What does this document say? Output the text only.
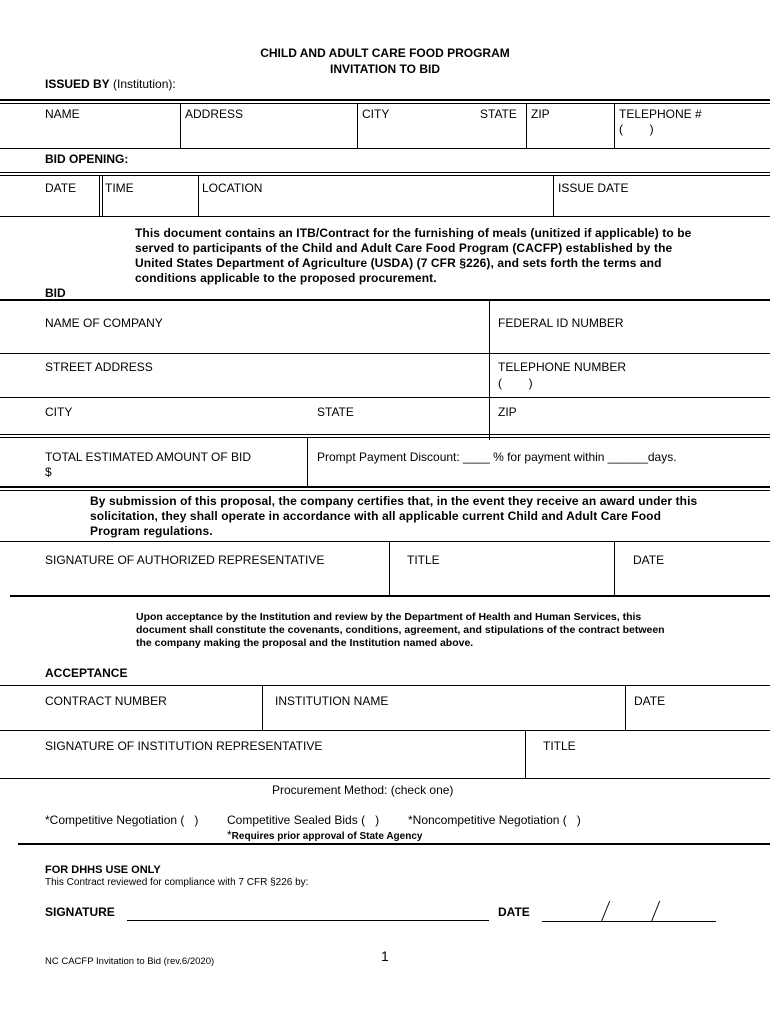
CHILD AND ADULT CARE FOOD PROGRAM
INVITATION TO BID
ISSUED BY (Institution):
NAME	ADDRESS	CITY	STATE ZIP	TELEPHONE #
(        )
BID OPENING:
DATE TIME	LOCATION	ISSUE DATE
This document contains an ITB/Contract for the furnishing of meals (unitized if applicable) to be
served to participants of the Child and Adult Care Food Program (CACFP) established by the
United States Department of Agriculture (USDA) (7 CFR §226), and sets forth the terms and
conditions applicable to the proposed procurement.
BID
NAME OF COMPANY	FEDERAL ID NUMBER
STREET ADDRESS	TELEPHONE NUMBER
(        )
CITY	STATE	ZIP
TOTAL ESTIMATED AMOUNT OF BID
$
Prompt Payment Discount: ____ % for payment within ______days.
By submission of this proposal, the company certifies that, in the event they receive an award under this
solicitation, they shall operate in accordance with all applicable current Child and Adult Care Food
Program regulations.
SIGNATURE OF AUTHORIZED REPRESENTATIVE	TITLE	DATE
Upon acceptance by the Institution and review by the Department of Health and Human Services, this
document shall constitute the covenants, conditions, agreement, and stipulations of the contract between
the company making the proposal and the Institution named above.
ACCEPTANCE
CONTRACT NUMBER	INSTITUTION NAME	DATE
SIGNATURE OF INSTITUTION REPRESENTATIVE	TITLE
Procurement Method: (check one)
*Competitive Negotiation (   ) Competitive Sealed Bids (   ) *Noncompetitive Negotiation (   )
*Requires prior approval of State Agency
FOR DHHS USE ONLY
This Contract reviewed for compliance with 7 CFR §226 by:
SIGNATURE	DATE
NC CACFP Invitation to Bid (rev.6/2020)	1
